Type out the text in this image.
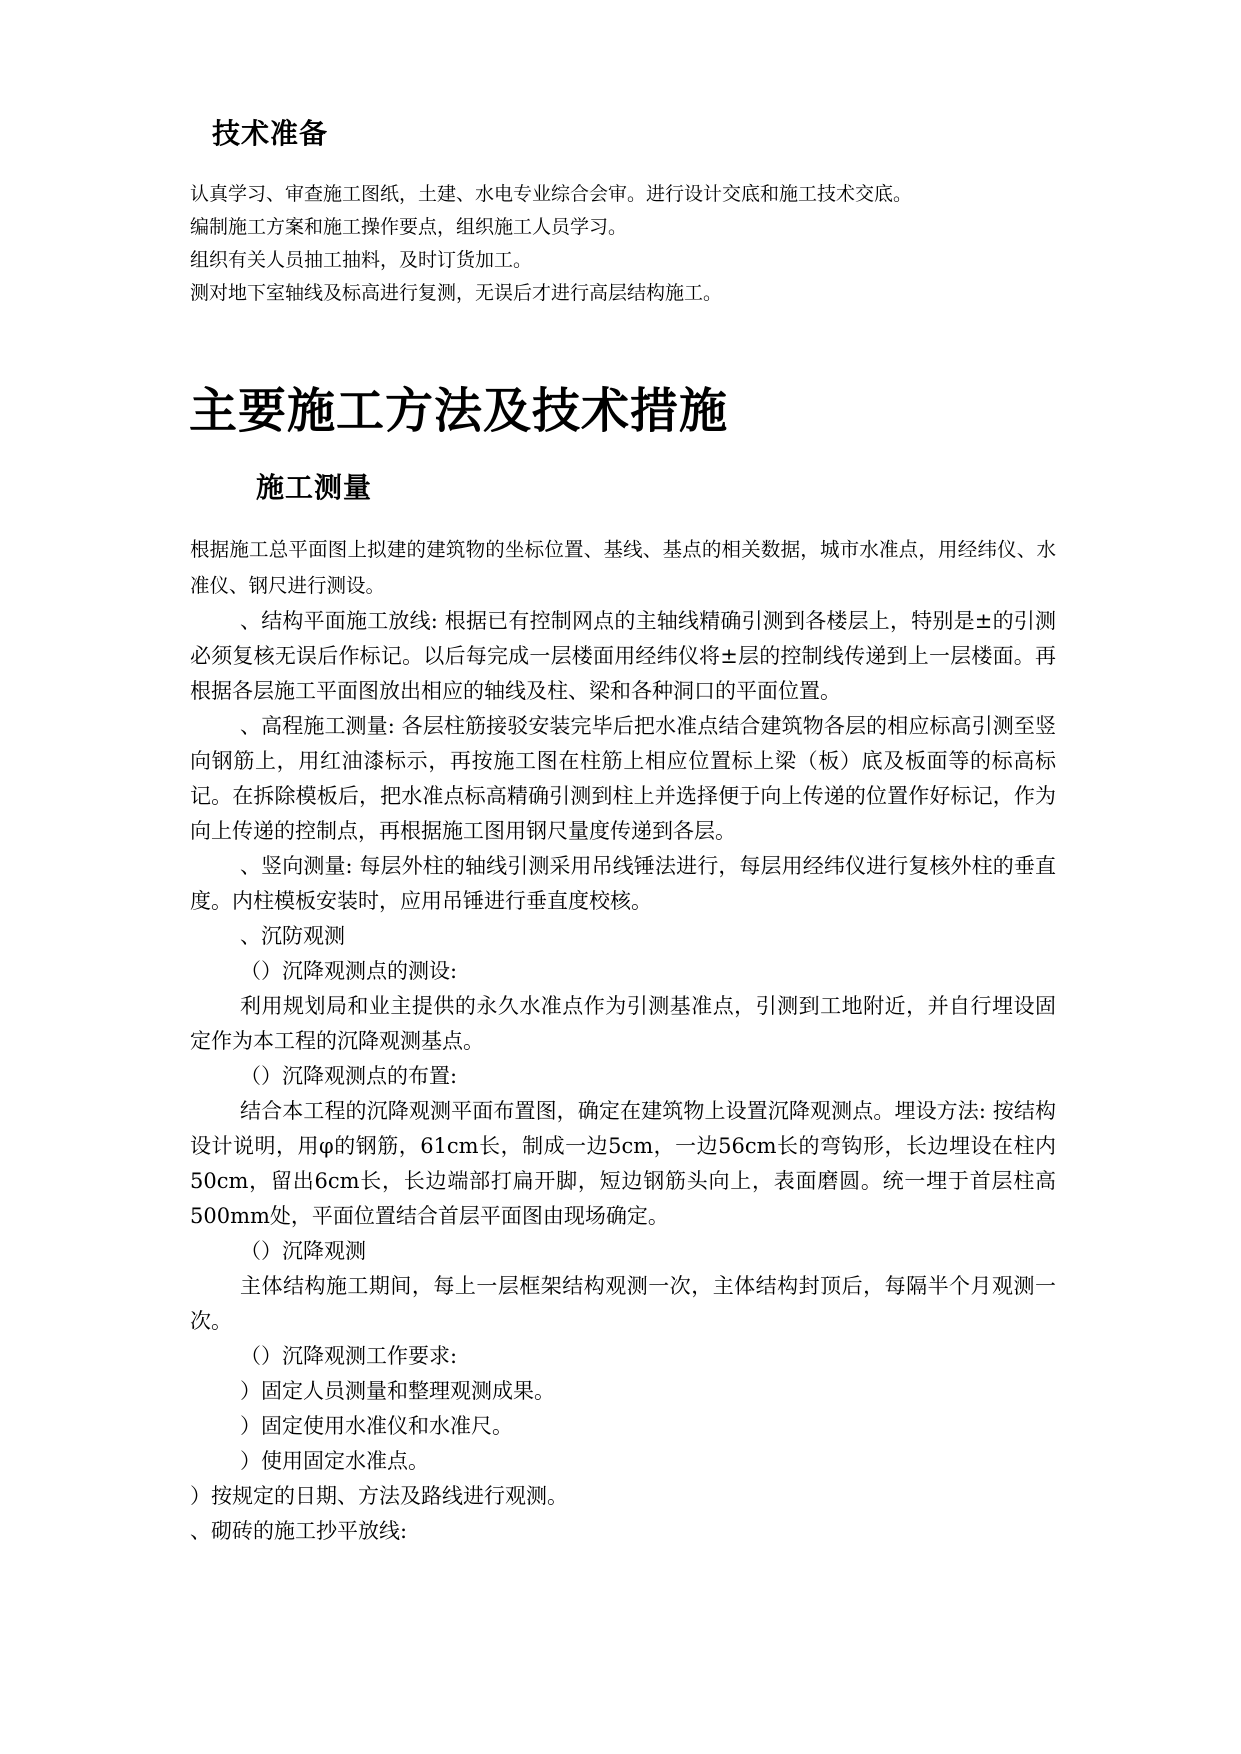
技术准备
认真学习、审查施工图纸，土建、水电专业综合会审。进行设计交底和施工技术交底。
编制施工方案和施工操作要点，组织施工人员学习。
组织有关人员抽工抽料，及时订货加工。
测对地下室轴线及标高进行复测，无误后才进行高层结构施工。
主要施工方法及技术措施
施工测量

根据施工总平面图上拟建的建筑物的坐标位置、基线、基点的相关数据，城市水准点，用经纬仪、水准仪、钢尺进行测设。

、结构平面施工放线: 根据已有控制网点的主轴线精确引测到各楼层上，特别是±的引测必须复核无误后作标记。以后每完成一层楼面用经纬仪将±层的控制线传递到上一层楼面。再根据各层施工平面图放出相应的轴线及柱、梁和各种洞口的平面位置。

、高程施工测量: 各层柱筋接驳安装完毕后把水准点结合建筑物各层的相应标高引测至竖向钢筋上，用红油漆标示，再按施工图在柱筋上相应位置标上梁（板）底及板面等的标高标记。在拆除模板后，把水准点标高精确引测到柱上并选择便于向上传递的位置作好标记，作为向上传递的控制点，再根据施工图用钢尺量度传递到各层。

、竖向测量: 每层外柱的轴线引测采用吊线锤法进行，每层用经纬仪进行复核外柱的垂直度。内柱模板安装时，应用吊锤进行垂直度校核。

、沉防观测

（）沉降观测点的测设:

利用规划局和业主提供的永久水准点作为引测基准点，引测到工地附近，并自行埋设固定作为本工程的沉降观测基点。

（）沉降观测点的布置:

结合本工程的沉降观测平面布置图，确定在建筑物上设置沉降观测点。埋设方法: 按结构设计说明，用φ的钢筋，61cm长，制成一边5cm，一边56cm长的弯钩形，长边埋设在柱内50cm，留出6cm长，长边端部打扁开脚，短边钢筋头向上，表面磨圆。统一埋于首层柱高500mm处，平面位置结合首层平面图由现场确定。

（）沉降观测

主体结构施工期间，每上一层框架结构观测一次，主体结构封顶后，每隔半个月观测一次。

（）沉降观测工作要求:

）固定人员测量和整理观测成果。

）固定使用水准仪和水准尺。

）使用固定水准点。

）按规定的日期、方法及路线进行观测。

、砌砖的施工抄平放线:
